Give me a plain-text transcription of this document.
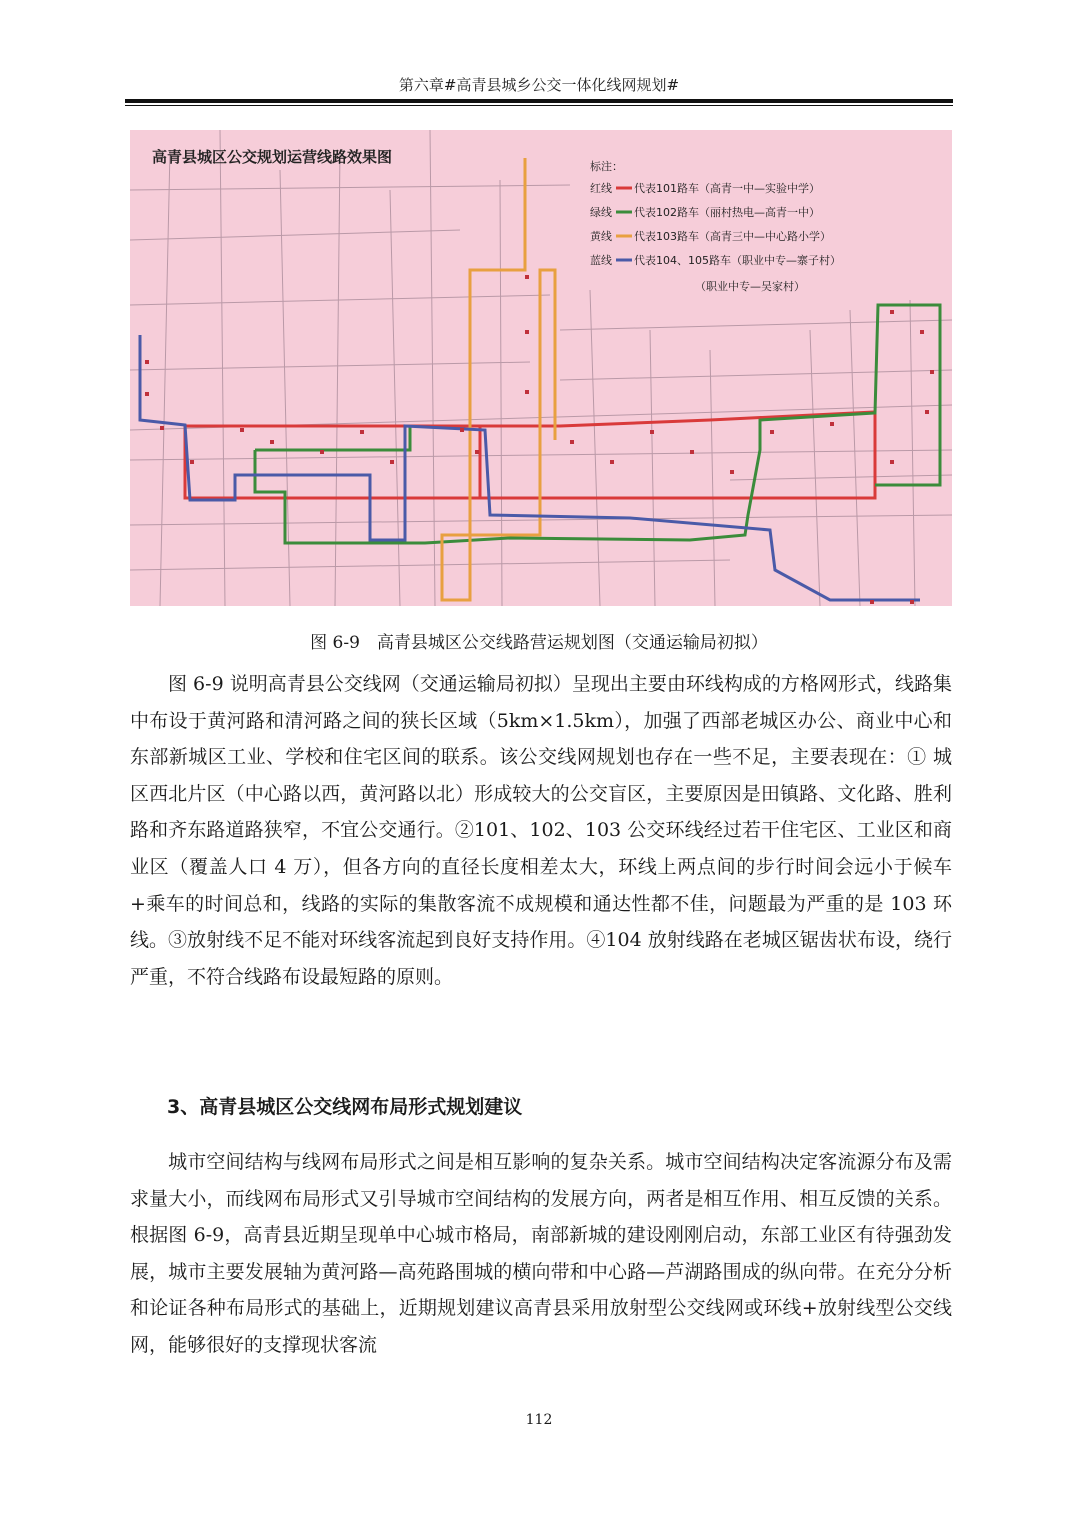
第六章#高青县城乡公交一体化线网规划#
高青县城区公交规划运营线路效果图
标注：
红线 代表101路车（高青一中—实验中学）
绿线 代表102路车（丽村热电—高青一中）
黄线 代表103路车（高青三中—中心路小学）
蓝线 代表104、105路车（职业中专—寨子村）
（职业中专—吴家村）
图 6-9　高青县城区公交线路营运规划图（交通运输局初拟）

图 6-9 说明高青县公交线网（交通运输局初拟）呈现出主要由环线构成的方格网形式，线路集中布设于黄河路和清河路之间的狭长区域（5km×1.5km），加强了西部老城区办公、商业中心和东部新城区工业、学校和住宅区间的联系。该公交线网规划也存在一些不足，主要表现在：① 城区西北片区（中心路以西，黄河路以北）形成较大的公交盲区，主要原因是田镇路、文化路、胜利路和齐东路道路狭窄，不宜公交通行。②101、102、103 公交环线经过若干住宅区、工业区和商业区（覆盖人口 4 万），但各方向的直径长度相差太大，环线上两点间的步行时间会远小于候车+乘车的时间总和，线路的实际的集散客流不成规模和通达性都不佳，问题最为严重的是 103 环线。③放射线不足不能对环线客流起到良好支持作用。④104 放射线路在老城区锯齿状布设，绕行严重，不符合线路布设最短路的原则。

3、高青县城区公交线网布局形式规划建议

城市空间结构与线网布局形式之间是相互影响的复杂关系。城市空间结构决定客流源分布及需求量大小，而线网布局形式又引导城市空间结构的发展方向，两者是相互作用、相互反馈的关系。根据图 6-9，高青县近期呈现单中心城市格局，南部新城的建设刚刚启动，东部工业区有待强劲发展，城市主要发展轴为黄河路—高苑路围城的横向带和中心路—芦湖路围成的纵向带。在充分分析和论证各种布局形式的基础上，近期规划建议高青县采用放射型公交线网或环线+放射线型公交线网，能够很好的支撑现状客流

112
